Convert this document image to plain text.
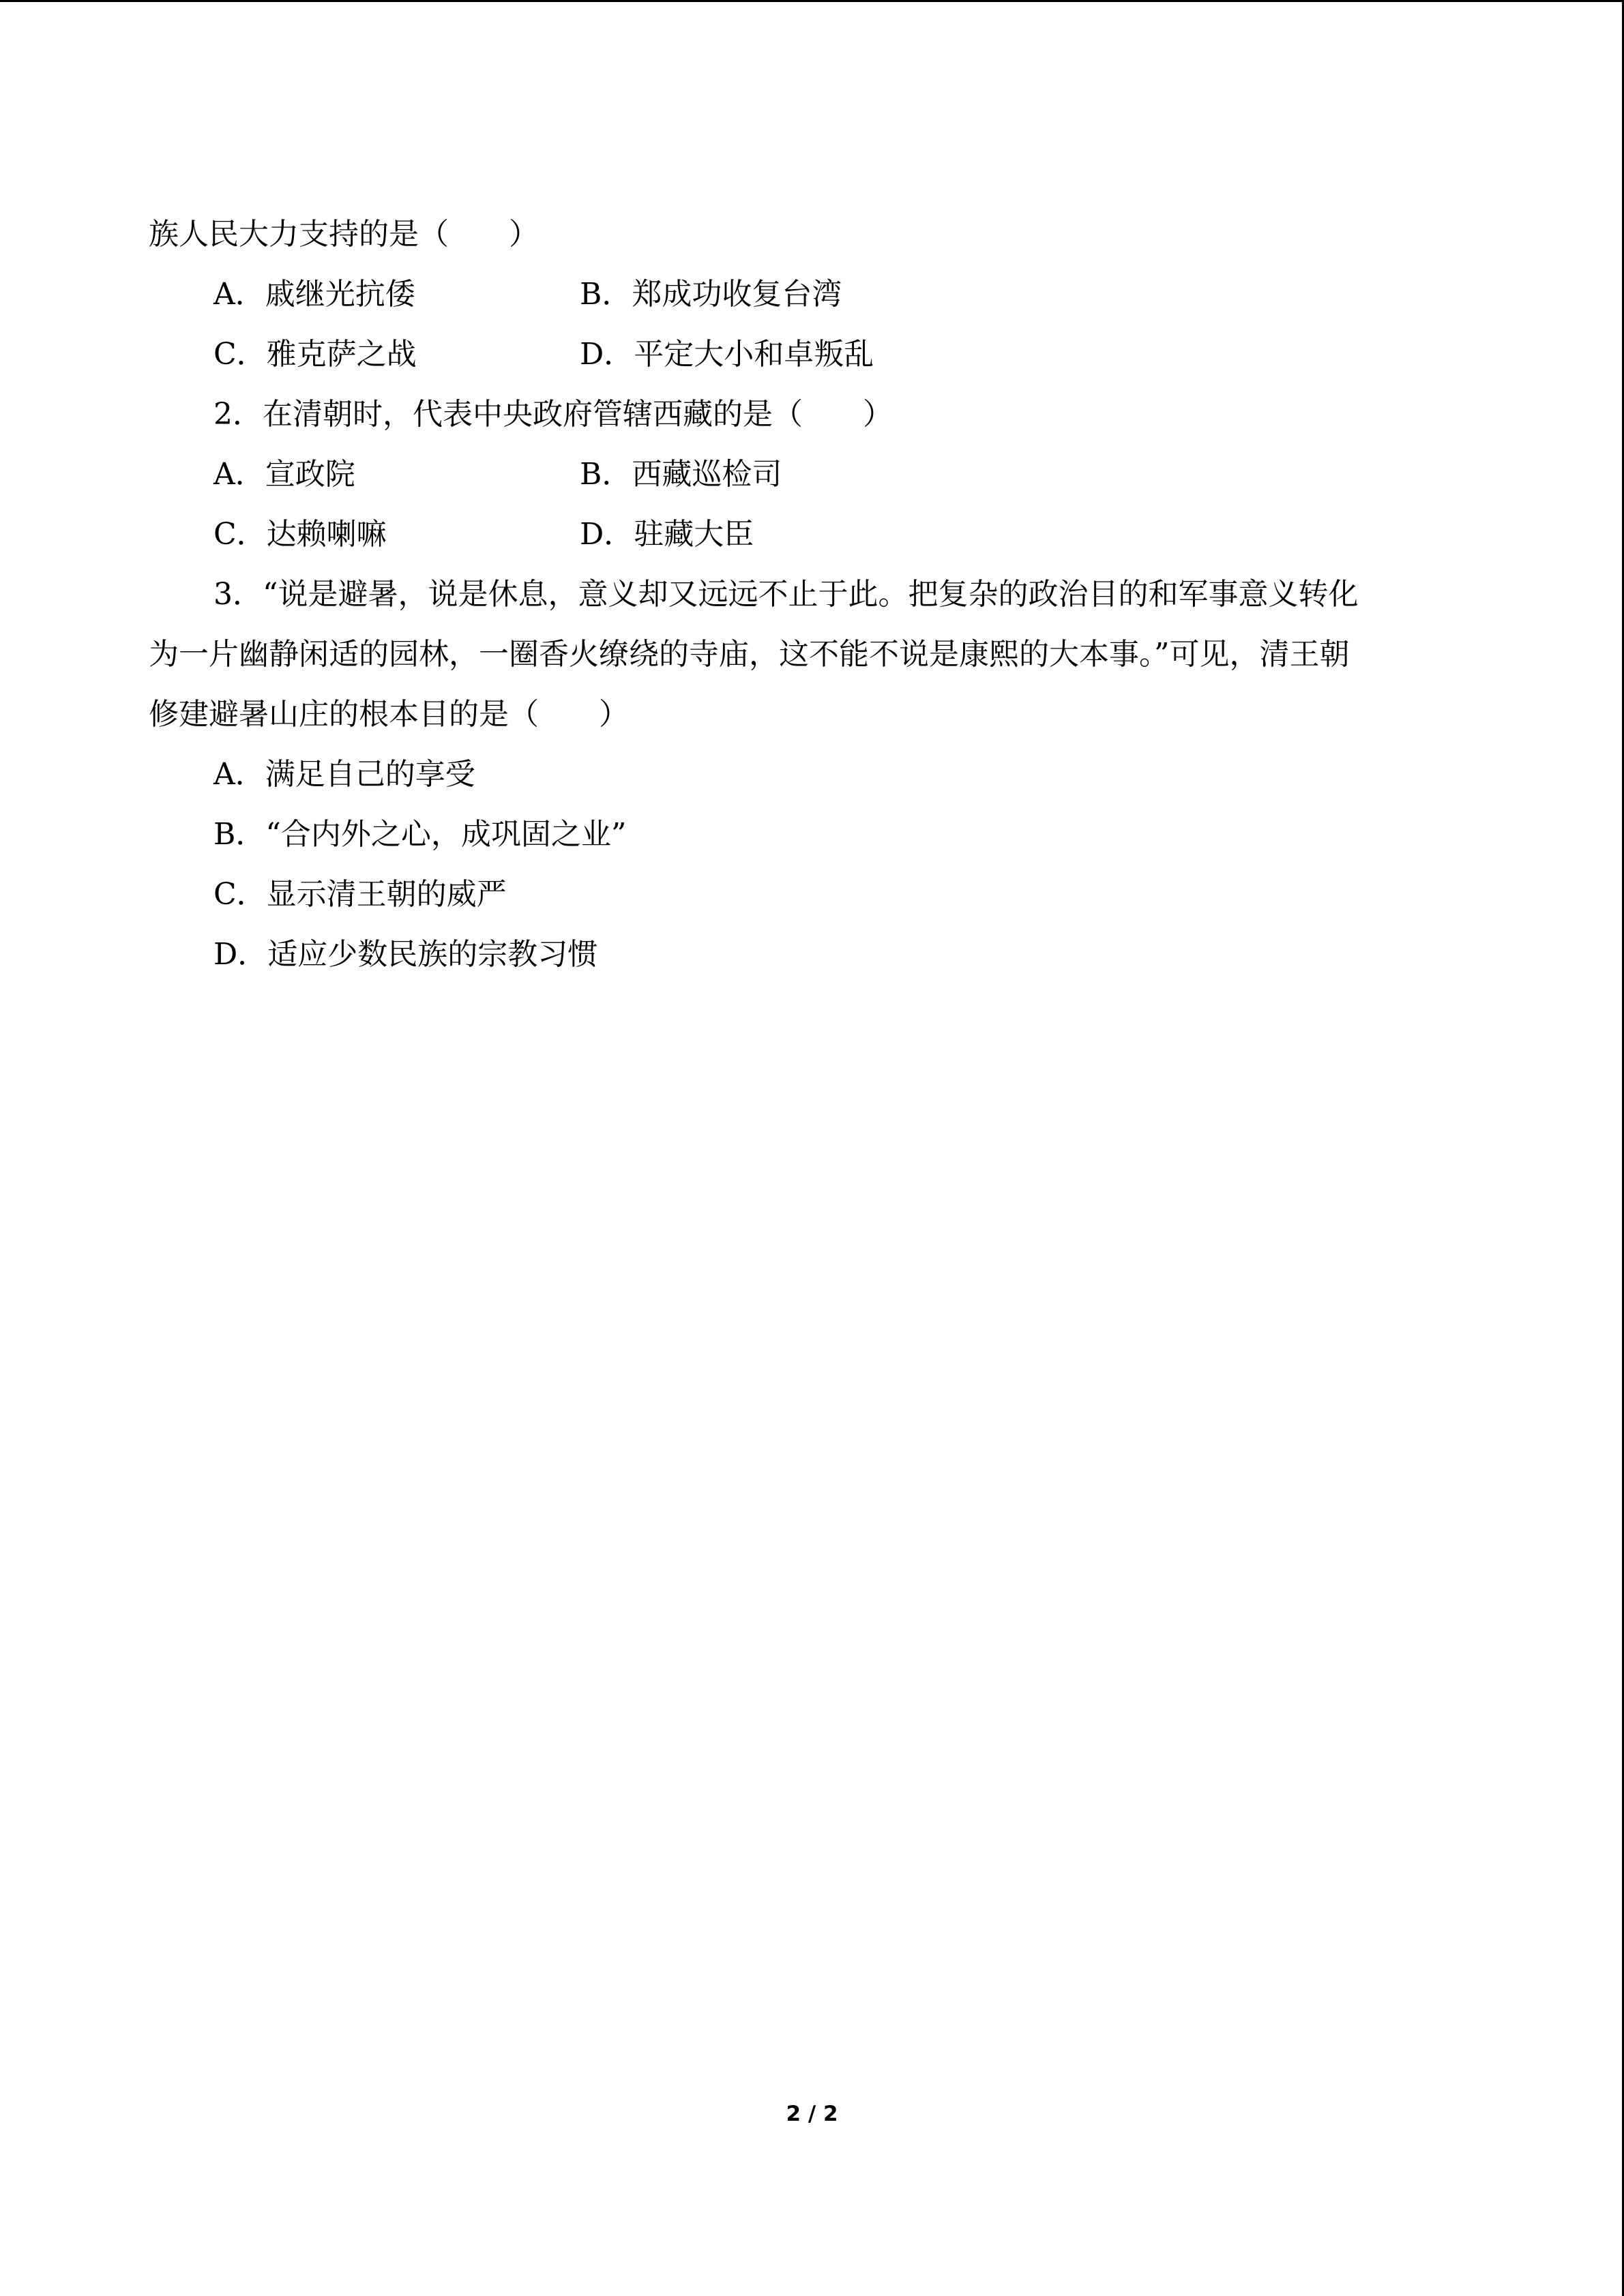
族人民大力支持的是（　　）
A．戚继光抗倭	B．郑成功收复台湾
C．雅克萨之战	D．平定大小和卓叛乱
2．在清朝时，代表中央政府管辖西藏的是（　　）
A．宣政院	B．西藏巡检司
C．达赖喇嘛	D．驻藏大臣
3．“说是避暑，说是休息，意义却又远远不止于此。把复杂的政治目的和军事意义转化
为一片幽静闲适的园林，一圈香火缭绕的寺庙，这不能不说是康熙的大本事。”可见，清王朝
修建避暑山庄的根本目的是（　　）
A．满足自己的享受
B．“合内外之心，成巩固之业”
C．显示清王朝的威严
D．适应少数民族的宗教习惯
2 / 2
